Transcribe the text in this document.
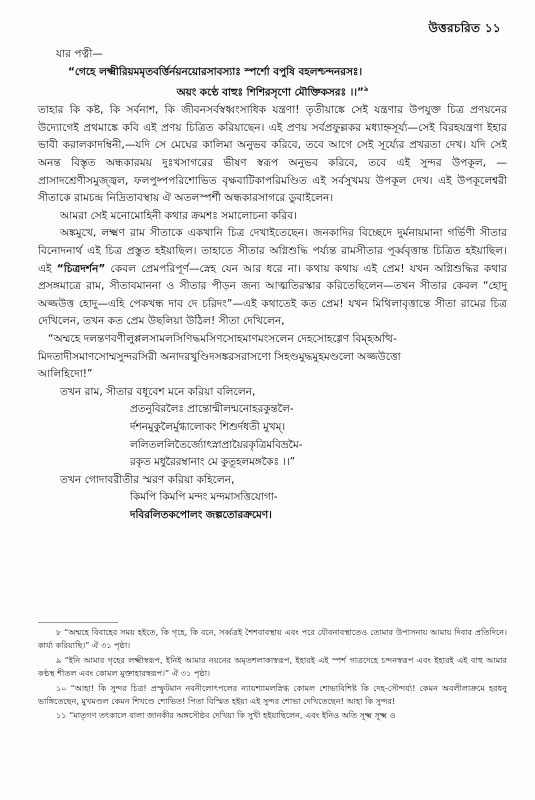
উত্তরচরিত ১১

যার পত্নী—

“গেহে লক্ষ্মীরিয়মমৃতবর্ত্তির্নয়নয়োরসাবস্যাঃ স্পর্শো বপুষি বহলশ্চন্দনরসঃ।

অয়ং কণ্ঠে বাহুঃ শিশিরসৃণো মৌক্তিকসরঃ ।।”$^৯$

তাহার কি কষ্ট, কি সর্বনাশ, কি জীবনসর্বস্বধ্বংসাধিক যন্ত্রণা! তৃতীয়াঙ্কে সেই যন্ত্রণার উপযুক্ত চিত্র প্রণয়নের উদ্যোগেই প্রথমাঙ্কে কবি এই প্রণয় চিত্রিত করিয়াছেন। এই প্রণয় সর্বপ্রফুল্লকর মধ্যাহ্নসূর্য্য—সেই বিরহযন্ত্রণা ইহার ভাবী করালকাদম্বিনী,—যদি সে মেঘের কালিমা অনুভব করিবে, তবে আগে সেই সূর্য্যের প্রখরতা দেখ। যদি সেই অনন্ত বিস্তৃত অন্ধকারময় দুঃখসাগরের ভীষণ স্বরূপ অনুভব করিবে, তবে এই সুন্দর উপকূল, —প্রাসাদশ্রেণীসমুজ্জ্বল, ফলপুষ্পপরিশোভিত বৃক্ষবাটিকাপরিমণ্ডিত এই সর্বসুখময় উপকূল দেখ। এই উপকূলেশ্বরী সীতাকে রামচন্দ্র নিদ্রিতাবস্থায় ঐ অতলস্পর্শী অন্ধকারসাগরে ডুবাইলেন।

আমরা সেই মনোমোহিনী কথার ক্রমশঃ সমালোচনা করিব।

অঙ্কমুখে, লক্ষ্মণ রাম সীতাকে একখানি চিত্র দেখাইতেছেন। জনকাদির বিচ্ছেদে দুর্মনায়মানা গর্ভিণী সীতার বিনোদনার্থ এই চিত্র প্রস্তুত হইয়াছিল। তাহাতে সীতার অগ্নিশুদ্ধি পর্য্যন্ত রামসীতার পূর্ব্ববৃত্তান্ত চিত্রিত হইয়াছিল। এই “চিত্রদর্শন” কেবল প্রেমপরিপূর্ণ—স্নেহ যেন আর ধরে না। কথায় কথায় এই প্রেম! যখন অগ্নিশুদ্ধির কথার প্রসঙ্গমাত্রে রাম, সীতাবমাননা ও সীতার পীড়ন জন্য আত্মতিরস্কার করিতেছিলেন—তখন সীতার কেবল “হোদু অজ্জউত্ত হোদু—এহি পেকখন্ধ দাব দে চরিদং”—এই কথাতেই কত প্রেম! যখন মিথিলাবৃত্তান্তে সীতা রামের চিত্র দেখিলেন, তখন কত প্রেম উছলিয়া উঠিল! সীতা দেখিলেন,

“অম্মহে দলন্তণবণীলুপ্পলসামলসিণিদ্ধমসিণসোহমাণমংসলেন দেহসোহগ্গেণ বিম্হঅত্থি-

মিদতাদীসমাণসোম্মসুন্দরসিরী অনাদরখুণ্ডিদসঙ্করসরাসণো সিহণ্ডমুদ্ধমুহমণ্ডলো অজ্জউত্তো

আলিহিদো!”

তখন রাম, সীতার বধূবেশ মনে করিয়া বলিলেন,

প্রতনুবিরলৈঃ প্রান্তোন্মীলন্মনোহরকুন্তলৈ-

র্দশনমুকুলৈর্মুগ্ধালোকং শিশুর্দধতী মুখম্।

ললিতললিতৈর্জ্যোৎস্নাপ্রায়ৈরকৃত্রিমবিভ্রমৈ-

রকৃত মধুরৈরম্বানাং মে কুতূহলমঙ্গকৈঃ ।।”

তখন গোদাবরীতীর স্মরণ করিয়া কহিলেন,

কিমপি কিমপি মন্দং মন্দমাসত্তিযোগা-

দবিরলিতকপোলং জল্পতোরক্রমেণ।

৮ “অম্মহে বিবাহের সময় হইতে, কি গৃহে, কি বনে, সর্ব্বত্রই শৈশবাবস্থায় এবং পরে যৌবনাবস্থাতেও তোমার উপাসনায় আমায় দিবার প্রতিদিনে। কার্য্য করিয়াছি।” ঐ ৩১ পৃষ্ঠা।

৯ “ইনি আমার গৃহের লক্ষ্মীস্বরূপ, ইনিই আমার নয়নের অমৃতশলাকাস্বরূপ, ইহারই এই স্পর্শ গাত্রদেহে চন্দনস্বরূপ এবং ইহারই এই বাহু আমার কণ্ঠস্থ শীতল এবং কোমল মুক্তাহারস্বরূপ।” ঐ ৩১ পৃষ্ঠা।

১০ “আহা! কি সুন্দর চিত্র! প্রস্ফুটমান নবনীলোৎপলের ন্যায়শ্যামলস্নিগ্ধ কোমল শোভাবিশিষ্ট কি দেহ-সৌন্দর্য্য! কেমন অবলীলাক্রমে হরধনু ভাঙ্গিতেছেন, মুখমণ্ডল কেমন শিখণ্ডে শোভিত! পিতা বিস্মিত হইয়া এই সুন্দর শোভা দেখিতেছেন! আহা কি সুন্দর!

১১ “মাতৃগণ তৎকালে বালা জানকীর অঙ্গসৌষ্ঠব দেখিয়া কি সুখী হইয়াছিলেন, এবং ইনিও অতি সূক্ষ্ম সূক্ষ্ম ও
